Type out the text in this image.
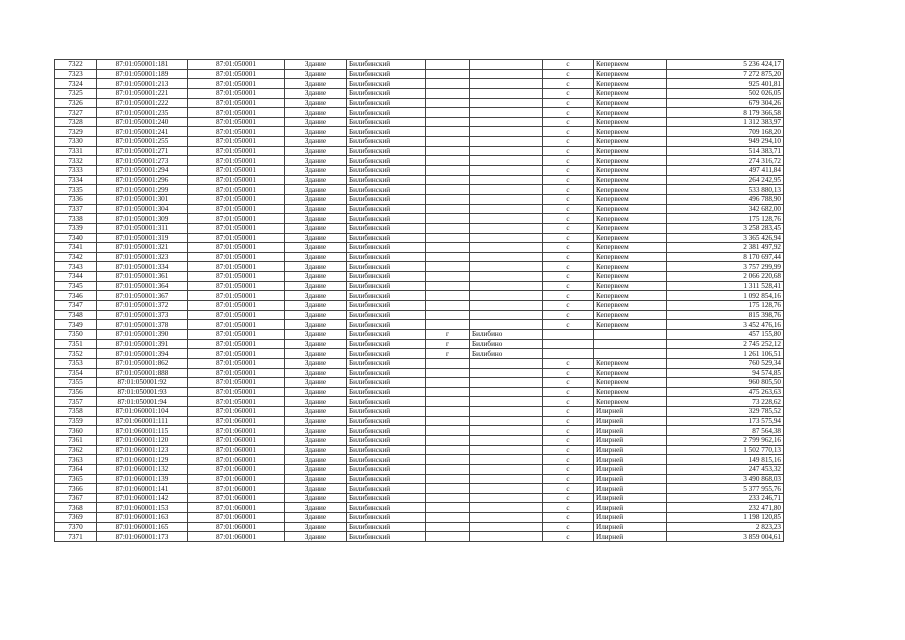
7322	87:01:050001:181	87:01:050001	Здание	Билибинский			с	Кепервеем	5 236 424,17
7323	87:01:050001:189	87:01:050001	Здание	Билибинский			с	Кепервеем	7 272 875,20
7324	87:01:050001:213	87:01:050001	Здание	Билибинский			с	Кепервеем	925 401,81
7325	87:01:050001:221	87:01:050001	Здание	Билибинский			с	Кепервеем	502 026,05
7326	87:01:050001:222	87:01:050001	Здание	Билибинский			с	Кепервеем	679 304,26
7327	87:01:050001:235	87:01:050001	Здание	Билибинский			с	Кепервеем	8 179 366,58
7328	87:01:050001:240	87:01:050001	Здание	Билибинский			с	Кепервеем	1 312 383,97
7329	87:01:050001:241	87:01:050001	Здание	Билибинский			с	Кепервеем	709 168,20
7330	87:01:050001:255	87:01:050001	Здание	Билибинский			с	Кепервеем	949 294,10
7331	87:01:050001:271	87:01:050001	Здание	Билибинский			с	Кепервеем	514 383,71
7332	87:01:050001:273	87:01:050001	Здание	Билибинский			с	Кепервеем	274 316,72
7333	87:01:050001:294	87:01:050001	Здание	Билибинский			с	Кепервеем	497 411,84
7334	87:01:050001:296	87:01:050001	Здание	Билибинский			с	Кепервеем	264 242,95
7335	87:01:050001:299	87:01:050001	Здание	Билибинский			с	Кепервеем	533 880,13
7336	87:01:050001:301	87:01:050001	Здание	Билибинский			с	Кепервеем	496 788,90
7337	87:01:050001:304	87:01:050001	Здание	Билибинский			с	Кепервеем	342 682,00
7338	87:01:050001:309	87:01:050001	Здание	Билибинский			с	Кепервеем	175 128,76
7339	87:01:050001:311	87:01:050001	Здание	Билибинский			с	Кепервеем	3 258 283,45
7340	87:01:050001:319	87:01:050001	Здание	Билибинский			с	Кепервеем	3 365 426,94
7341	87:01:050001:321	87:01:050001	Здание	Билибинский			с	Кепервеем	2 381 497,92
7342	87:01:050001:323	87:01:050001	Здание	Билибинский			с	Кепервеем	8 170 697,44
7343	87:01:050001:334	87:01:050001	Здание	Билибинский			с	Кепервеем	3 757 299,99
7344	87:01:050001:361	87:01:050001	Здание	Билибинский			с	Кепервеем	2 066 220,68
7345	87:01:050001:364	87:01:050001	Здание	Билибинский			с	Кепервеем	1 311 528,41
7346	87:01:050001:367	87:01:050001	Здание	Билибинский			с	Кепервеем	1 092 854,16
7347	87:01:050001:372	87:01:050001	Здание	Билибинский			с	Кепервеем	175 128,76
7348	87:01:050001:373	87:01:050001	Здание	Билибинский			с	Кепервеем	815 398,76
7349	87:01:050001:378	87:01:050001	Здание	Билибинский			с	Кепервеем	3 452 476,16
7350	87:01:050001:390	87:01:050001	Здание	Билибинский	г	Билибино			457 155,80
7351	87:01:050001:391	87:01:050001	Здание	Билибинский	г	Билибино			2 745 252,12
7352	87:01:050001:394	87:01:050001	Здание	Билибинский	г	Билибино			1 261 106,51
7353	87:01:050001:862	87:01:050001	Здание	Билибинский			с	Кепервеем	760 529,34
7354	87:01:050001:888	87:01:050001	Здание	Билибинский			с	Кепервеем	94 574,85
7355	87:01:050001:92	87:01:050001	Здание	Билибинский			с	Кепервеем	960 805,50
7356	87:01:050001:93	87:01:050001	Здание	Билибинский			с	Кепервеем	475 263,63
7357	87:01:050001:94	87:01:050001	Здание	Билибинский			с	Кепервеем	73 228,62
7358	87:01:060001:104	87:01:060001	Здание	Билибинский			с	Илирней	329 785,52
7359	87:01:060001:111	87:01:060001	Здание	Билибинский			с	Илирней	173 575,94
7360	87:01:060001:115	87:01:060001	Здание	Билибинский			с	Илирней	87 564,38
7361	87:01:060001:120	87:01:060001	Здание	Билибинский			с	Илирней	2 799 962,16
7362	87:01:060001:123	87:01:060001	Здание	Билибинский			с	Илирней	1 502 770,13
7363	87:01:060001:129	87:01:060001	Здание	Билибинский			с	Илирней	149 815,16
7364	87:01:060001:132	87:01:060001	Здание	Билибинский			с	Илирней	247 453,32
7365	87:01:060001:139	87:01:060001	Здание	Билибинский			с	Илирней	3 490 868,03
7366	87:01:060001:141	87:01:060001	Здание	Билибинский			с	Илирней	5 377 955,76
7367	87:01:060001:142	87:01:060001	Здание	Билибинский			с	Илирней	233 246,71
7368	87:01:060001:153	87:01:060001	Здание	Билибинский			с	Илирней	232 471,80
7369	87:01:060001:163	87:01:060001	Здание	Билибинский			с	Илирней	1 198 120,85
7370	87:01:060001:165	87:01:060001	Здание	Билибинский			с	Илирней	2 823,23
7371	87:01:060001:173	87:01:060001	Здание	Билибинский			с	Илирней	3 859 004,61
